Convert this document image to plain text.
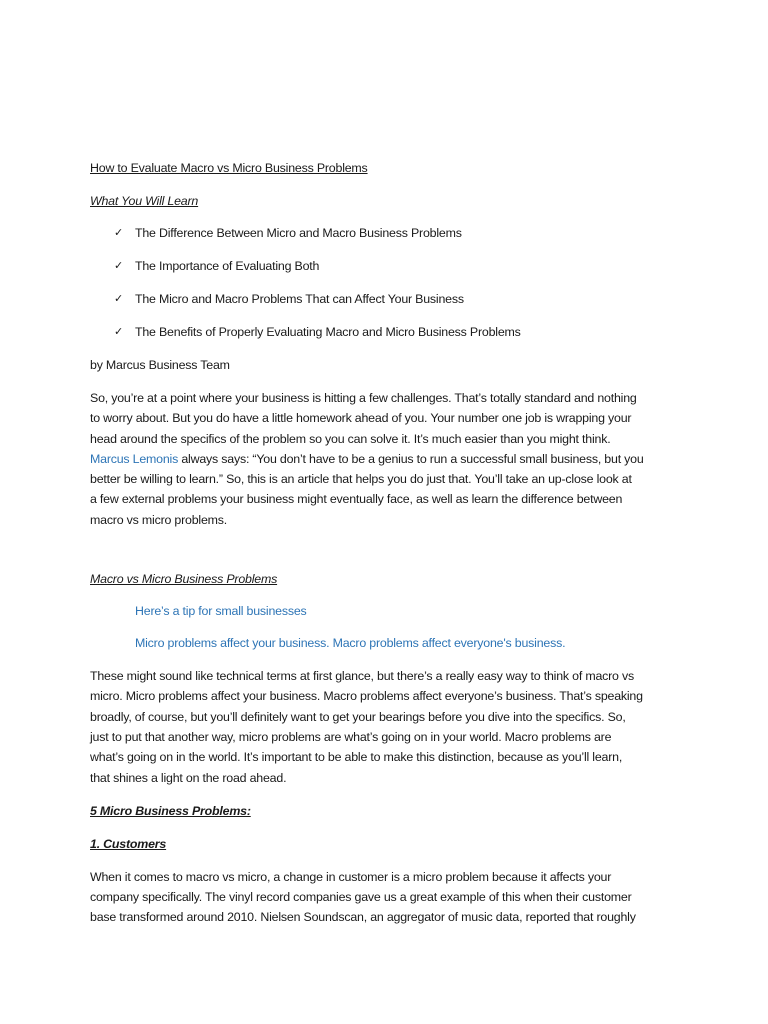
How to Evaluate Macro vs Micro Business Problems
What You Will Learn
✓ The Difference Between Micro and Macro Business Problems
✓ The Importance of Evaluating Both
✓ The Micro and Macro Problems That can Affect Your Business
✓ The Benefits of Properly Evaluating Macro and Micro Business Problems
by Marcus Business Team
So, you’re at a point where your business is hitting a few challenges. That’s totally standard and nothing
to worry about. But you do have a little homework ahead of you. Your number one job is wrapping your
head around the specifics of the problem so you can solve it. It’s much easier than you might think.
Marcus Lemonis always says: “You don’t have to be a genius to run a successful small business, but you
better be willing to learn.” So, this is an article that helps you do just that. You’ll take an up-close look at
a few external problems your business might eventually face, as well as learn the difference between
macro vs micro problems.
Macro vs Micro Business Problems
Here’s a tip for small businesses
Micro problems affect your business. Macro problems affect everyone's business.
These might sound like technical terms at first glance, but there’s a really easy way to think of macro vs
micro. Micro problems affect your business. Macro problems affect everyone’s business. That’s speaking
broadly, of course, but you’ll definitely want to get your bearings before you dive into the specifics. So,
just to put that another way, micro problems are what’s going on in your world. Macro problems are
what’s going on in the world. It’s important to be able to make this distinction, because as you’ll learn,
that shines a light on the road ahead.
5 Micro Business Problems:
1. Customers
When it comes to macro vs micro, a change in customer is a micro problem because it affects your
company specifically. The vinyl record companies gave us a great example of this when their customer
base transformed around 2010. Nielsen Soundscan, an aggregator of music data, reported that roughly
